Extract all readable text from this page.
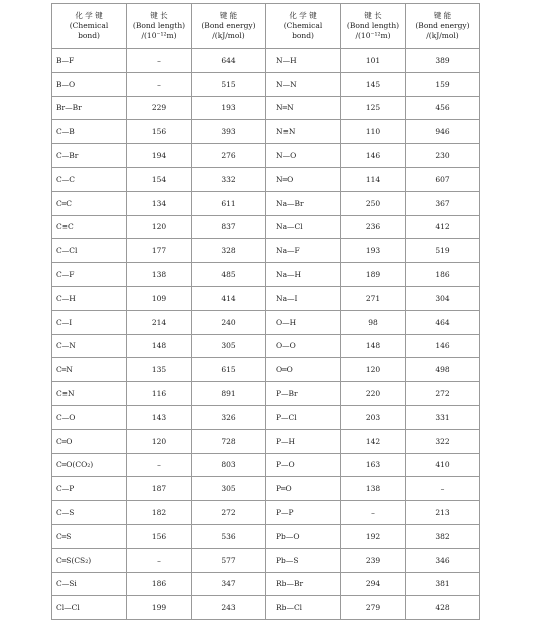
化 学 键
(Chemical
bond)	键 长
(Bond length)
/(10⁻¹²m)	键 能
(Bond energy)
/(kJ/mol)	化 学 键
(Chemical
bond)	键 长
(Bond length)
/(10⁻¹²m)	键 能
(Bond energy)
/(kJ/mol)

B—F	–	644	N—H	101	389
B—O	–	515	N—N	145	159
Br—Br	229	193	N═N	125	456
C—B	156	393	N≡N	110	946
C—Br	194	276	N—O	146	230
C—C	154	332	N═O	114	607
C═C	134	611	Na—Br	250	367
C≡C	120	837	Na—Cl	236	412
C—Cl	177	328	Na—F	193	519
C—F	138	485	Na—H	189	186
C—H	109	414	Na—I	271	304
C—I	214	240	O—H	98	464
C—N	148	305	O—O	148	146
C═N	135	615	O═O	120	498
C≡N	116	891	P—Br	220	272
C—O	143	326	P—Cl	203	331
C═O	120	728	P—H	142	322
C═O(CO₂)	–	803	P—O	163	410
C—P	187	305	P═O	138	–
C—S	182	272	P—P	–	213
C═S	156	536	Pb—O	192	382
C═S(CS₂)	–	577	Pb—S	239	346
C—Si	186	347	Rb—Br	294	381
Cl—Cl	199	243	Rb—Cl	279	428
